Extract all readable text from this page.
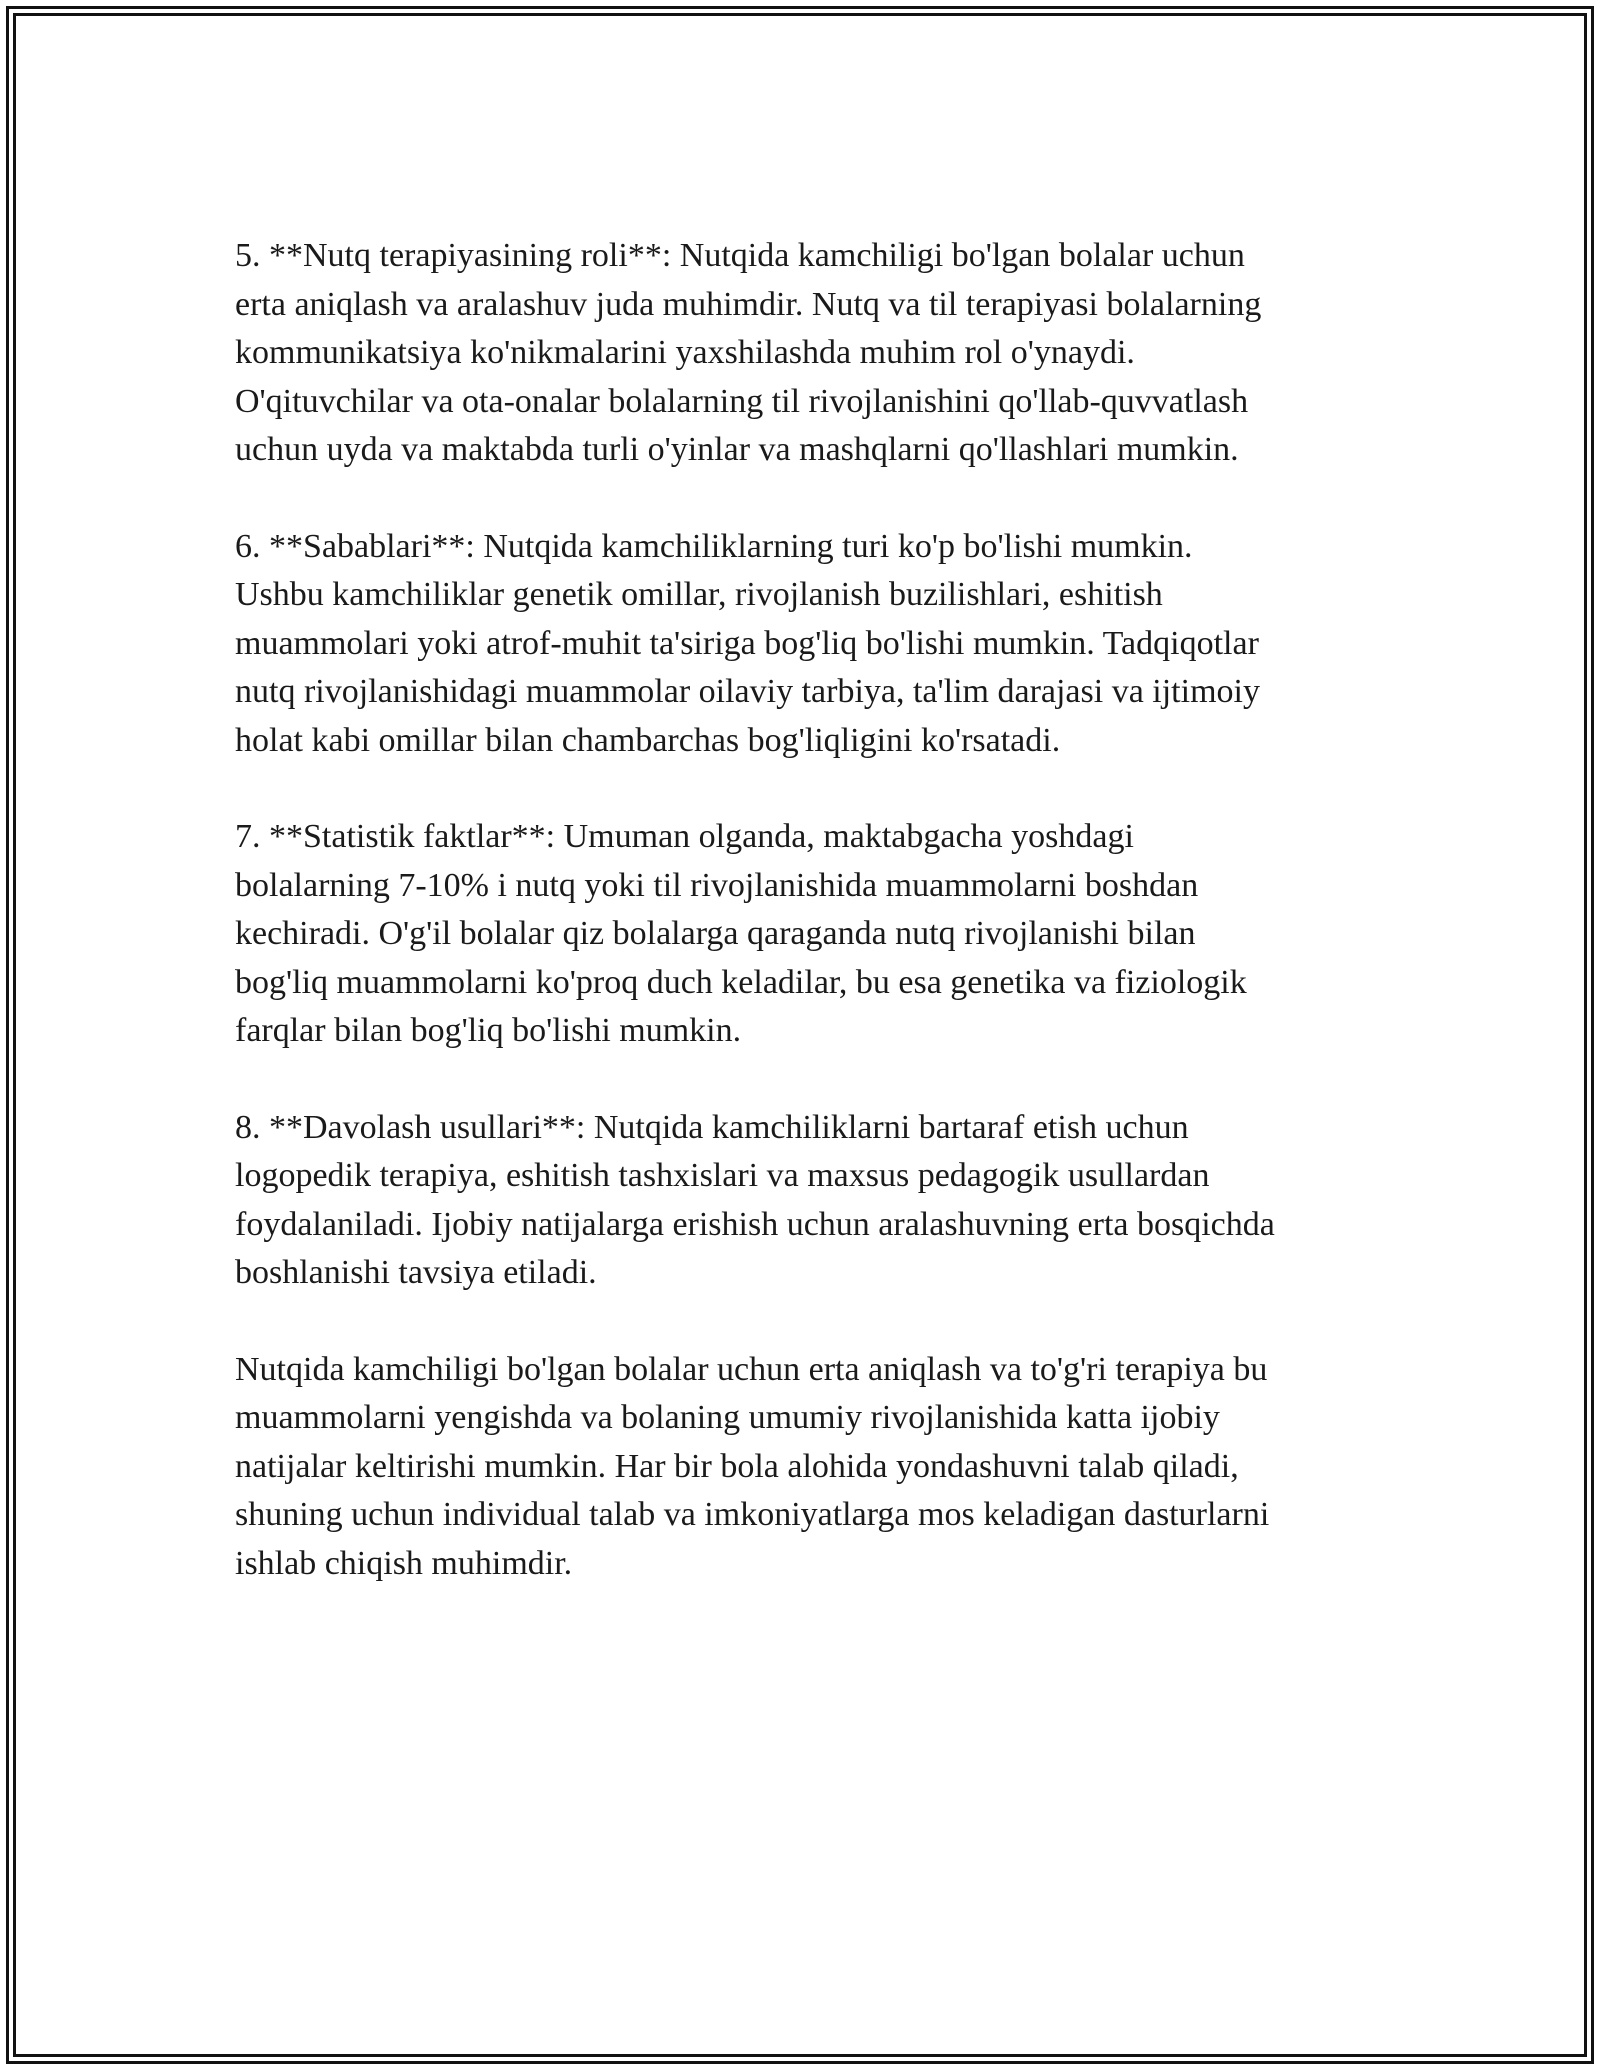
5. **Nutq terapiyasining roli**: Nutqida kamchiligi bo'lgan bolalar uchun
erta aniqlash va aralashuv juda muhimdir. Nutq va til terapiyasi bolalarning
kommunikatsiya ko'nikmalarini yaxshilashda muhim rol o'ynaydi.
O'qituvchilar va ota-onalar bolalarning til rivojlanishini qo'llab-quvvatlash
uchun uyda va maktabda turli o'yinlar va mashqlarni qo'llashlari mumkin.

6. **Sabablari**: Nutqida kamchiliklarning turi ko'p bo'lishi mumkin.
Ushbu kamchiliklar genetik omillar, rivojlanish buzilishlari, eshitish
muammolari yoki atrof-muhit ta'siriga bog'liq bo'lishi mumkin. Tadqiqotlar
nutq rivojlanishidagi muammolar oilaviy tarbiya, ta'lim darajasi va ijtimoiy
holat kabi omillar bilan chambarchas bog'liqligini ko'rsatadi.

7. **Statistik faktlar**: Umuman olganda, maktabgacha yoshdagi
bolalarning 7-10% i nutq yoki til rivojlanishida muammolarni boshdan
kechiradi. O'g'il bolalar qiz bolalarga qaraganda nutq rivojlanishi bilan
bog'liq muammolarni ko'proq duch keladilar, bu esa genetika va fiziologik
farqlar bilan bog'liq bo'lishi mumkin.

8. **Davolash usullari**: Nutqida kamchiliklarni bartaraf etish uchun
logopedik terapiya, eshitish tashxislari va maxsus pedagogik usullardan
foydalaniladi. Ijobiy natijalarga erishish uchun aralashuvning erta bosqichda
boshlanishi tavsiya etiladi.

Nutqida kamchiligi bo'lgan bolalar uchun erta aniqlash va to'g'ri terapiya bu
muammolarni yengishda va bolaning umumiy rivojlanishida katta ijobiy
natijalar keltirishi mumkin. Har bir bola alohida yondashuvni talab qiladi,
shuning uchun individual talab va imkoniyatlarga mos keladigan dasturlarni
ishlab chiqish muhimdir.
